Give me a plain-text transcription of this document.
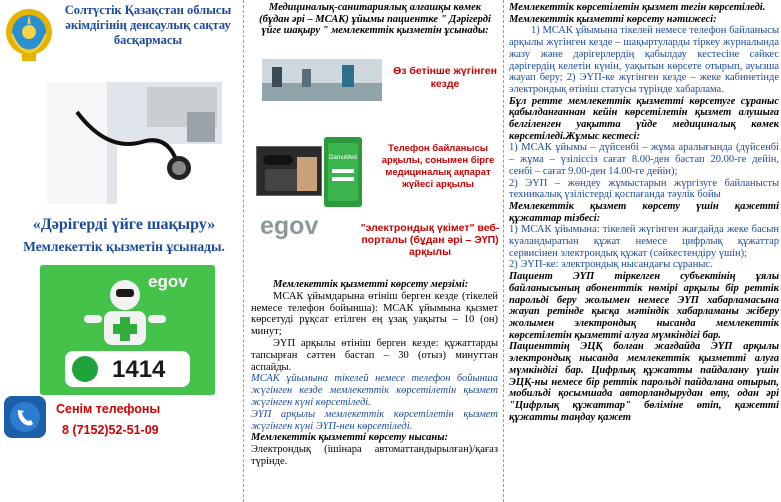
Солтүстік Қазақстан облысы әкімдігінің денсаулық сақтау басқармасы
«Дәрігерді үйге шақыру»
Мемлекеттік қызметін ұсынады.
egov
1414
Сенім телефоны
8 (7152)52-51-09
Медициналық-санитариялық алғашқы көмек (бұдан әрі – МСАК) ұйымы пациентке " Дәрігерді үйге шақыру " мемлекеттік қызметін ұсынады:
Өз бетінше жүгінген кезде
DamuMed
Телефон байланысы арқылы, сонымен бірге медициналық ақпарат жүйесі арқылы
egov	"электрондық үкімет" веб-порталы (бұдан әрі – ЭҮП) арқылы

Мемлекеттік қызметті көрсету мерзімі:

МСАК ұйымдарына өтініш берген кезде (тікелей немесе телефон бойынша): МСАК ұйымына қызмет көрсетуді рұқсат етілген ең ұзақ уақыты – 10 (он) минут;

ЭҮП арқылы өтініш берген кезде: құжаттарды тапсырған сәттен бастап – 30 (отыз) минуттан аспайды.

МСАК ұйымына тікелей немесе телефон бойынша жүгінген кезде мемлекеттік көрсетілетін қызмет жүгінген күні көрсетіледі.

ЭҮП арқылы мемлекеттік көрсетілетін қызмет жүгінген күні ЭҮП-нен көрсетіледі.

Мемлекеттік қызметті көрсету нысаны:

Электрондық (ішінара автоматтандырылған)/қағаз түрінде.

Мемлекеттік көрсетілетін қызмет тегін көрсетіледі.

Мемлекеттік қызметті көрсету нәтижесі:

1) МСАК ұйымына тікелей немесе телефон байланысы арқылы жүгінген кезде – шақыртуларды тіркеу журналында жазу және дәрігерлердің қабылдау кестесіне сәйкес дәрігердің келетін күнін, уақытын көрсете отырып, ауызша жауап беру; 2) ЭҮП-ке жүгінген кезде – жеке кабинетінде электрондық өтініш статусы түрінде хабарлама.

Бұл ретте мемлекеттік қызметті көрсетуге сұраныс қабылданғаннан кейін көрсетілетін қызмет алушыға белгіленген уақытта үйде медициналық көмек көрсетіледі.Жұмыс кестесі:

1) МСАК ұйымы – дүйсенбі – жұма аралығында (дүйсенбі – жұма – үзіліссіз сағат 8.00-ден бастап 20.00-ге дейін, сенбі – сағат 9.00-ден 14.00-ге дейін);

2) ЭҮП – жөндеу жұмыстарын жүргізуге байланысты техникалық үзілістерді қоспағанда тәулік бойы

Мемлекеттік қызмет көрсету үшін қажетті құжаттар тізбесі:

1) МСАК ұйымына: тікелей жүгінген жағдайда жеке басын куәландыратын құжат немесе цифрлық құжаттар сервисінен электрондық құжат (сәйкестендіру үшін);

2) ЭҮП-ке: электрондық нысандағы сұраныс.

Пациент ЭҮП тіркелген субъектінің ұялы байланысының абоненттік нөмірі арқылы бір реттік парольді беру жолымен немесе ЭҮП хабарламасына жауап ретінде қысқа мәтіндік хабарламаны жіберу жолымен электрондық нысанда мемлекеттік көрсетілетін қызметті алуға мүмкіндігі бар.

Пациенттің ЭЦҚ болған жағдайда ЭҮП арқылы электрондық нысанда мемлекеттік қызметті алуға мүмкіндігі бар. Цифрлық құжатты пайдалану үшін ЭЦҚ-ны немесе бір реттік парольді пайдалана отырып, мобильді қосымшада авторландырудан өту, одан әрі "Цифрлық құжаттар" бөліміне өтіп, қажетті құжатты таңдау қажет
